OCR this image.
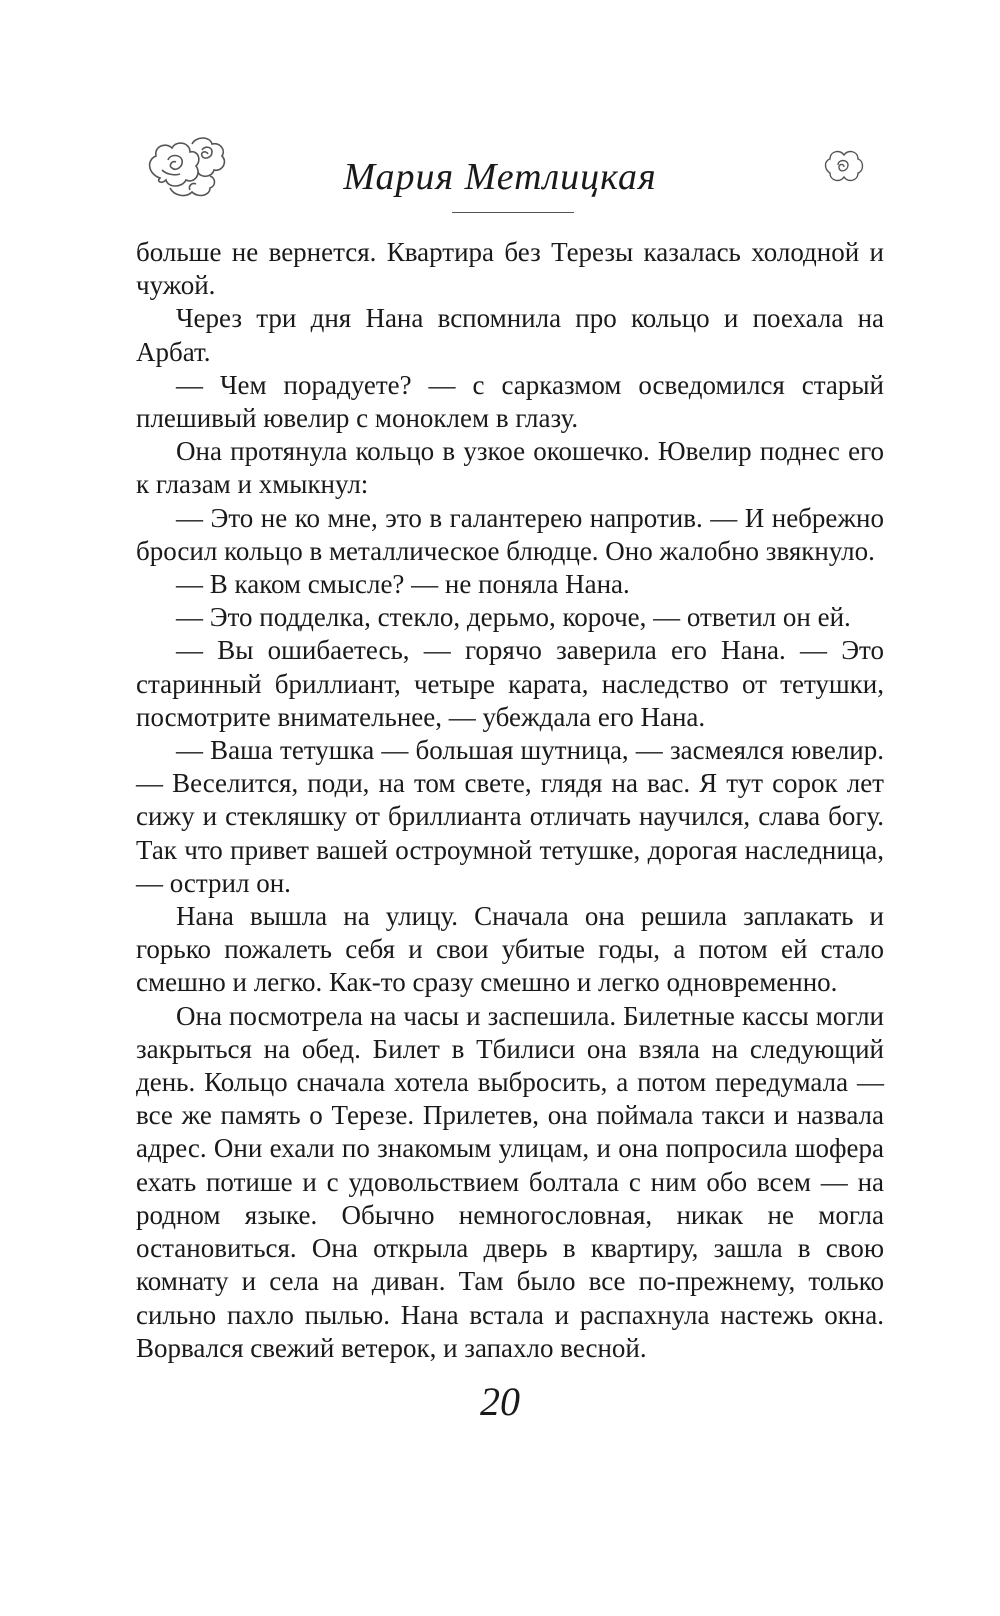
Мария Метлицкая

больше не вернется. Квартира без Терезы казалась холодной и чужой.

Через три дня Нана вспомнила про кольцо и поехала на Арбат.

— Чем порадуете? — с сарказмом осведомился старый плешивый ювелир с моноклем в глазу.

Она протянула кольцо в узкое окошечко. Ювелир поднес его к глазам и хмыкнул:

— Это не ко мне, это в галантерею напротив. — И небрежно бросил кольцо в металлическое блюдце. Оно жалобно звякнуло.

— В каком смысле? — не поняла Нана.

— Это подделка, стекло, дерьмо, короче, — ответил он ей.

— Вы ошибаетесь, — горячо заверила его Нана. — Это старинный бриллиант, четыре карата, наследство от тетушки, посмотрите внимательнее, — убеждала его Нана.

— Ваша тетушка — большая шутница, — засмеялся ювелир. — Веселится, поди, на том свете, глядя на вас. Я тут сорок лет сижу и стекляшку от бриллианта отличать научился, слава богу. Так что привет вашей остроумной тетушке, дорогая наследница, — острил он.

Нана вышла на улицу. Сначала она решила заплакать и горько пожалеть себя и свои убитые годы, а потом ей стало смешно и легко. Как-то сразу смешно и легко одновременно.

Она посмотрела на часы и заспешила. Билетные кассы могли закрыться на обед. Билет в Тбилиси она взяла на следующий день. Кольцо сначала хотела выбросить, а потом передумала — все же память о Терезе. Прилетев, она поймала такси и назвала адрес. Они ехали по знакомым улицам, и она попросила шофера ехать потише и с удовольствием болтала с ним обо всем — на родном языке. Обычно немногословная, никак не могла остановиться. Она открыла дверь в квартиру, зашла в свою комнату и села на диван. Там было все по-прежнему, только сильно пахло пылью. Нана встала и распахнула настежь окна. Ворвался свежий ветерок, и запахло весной.

20
